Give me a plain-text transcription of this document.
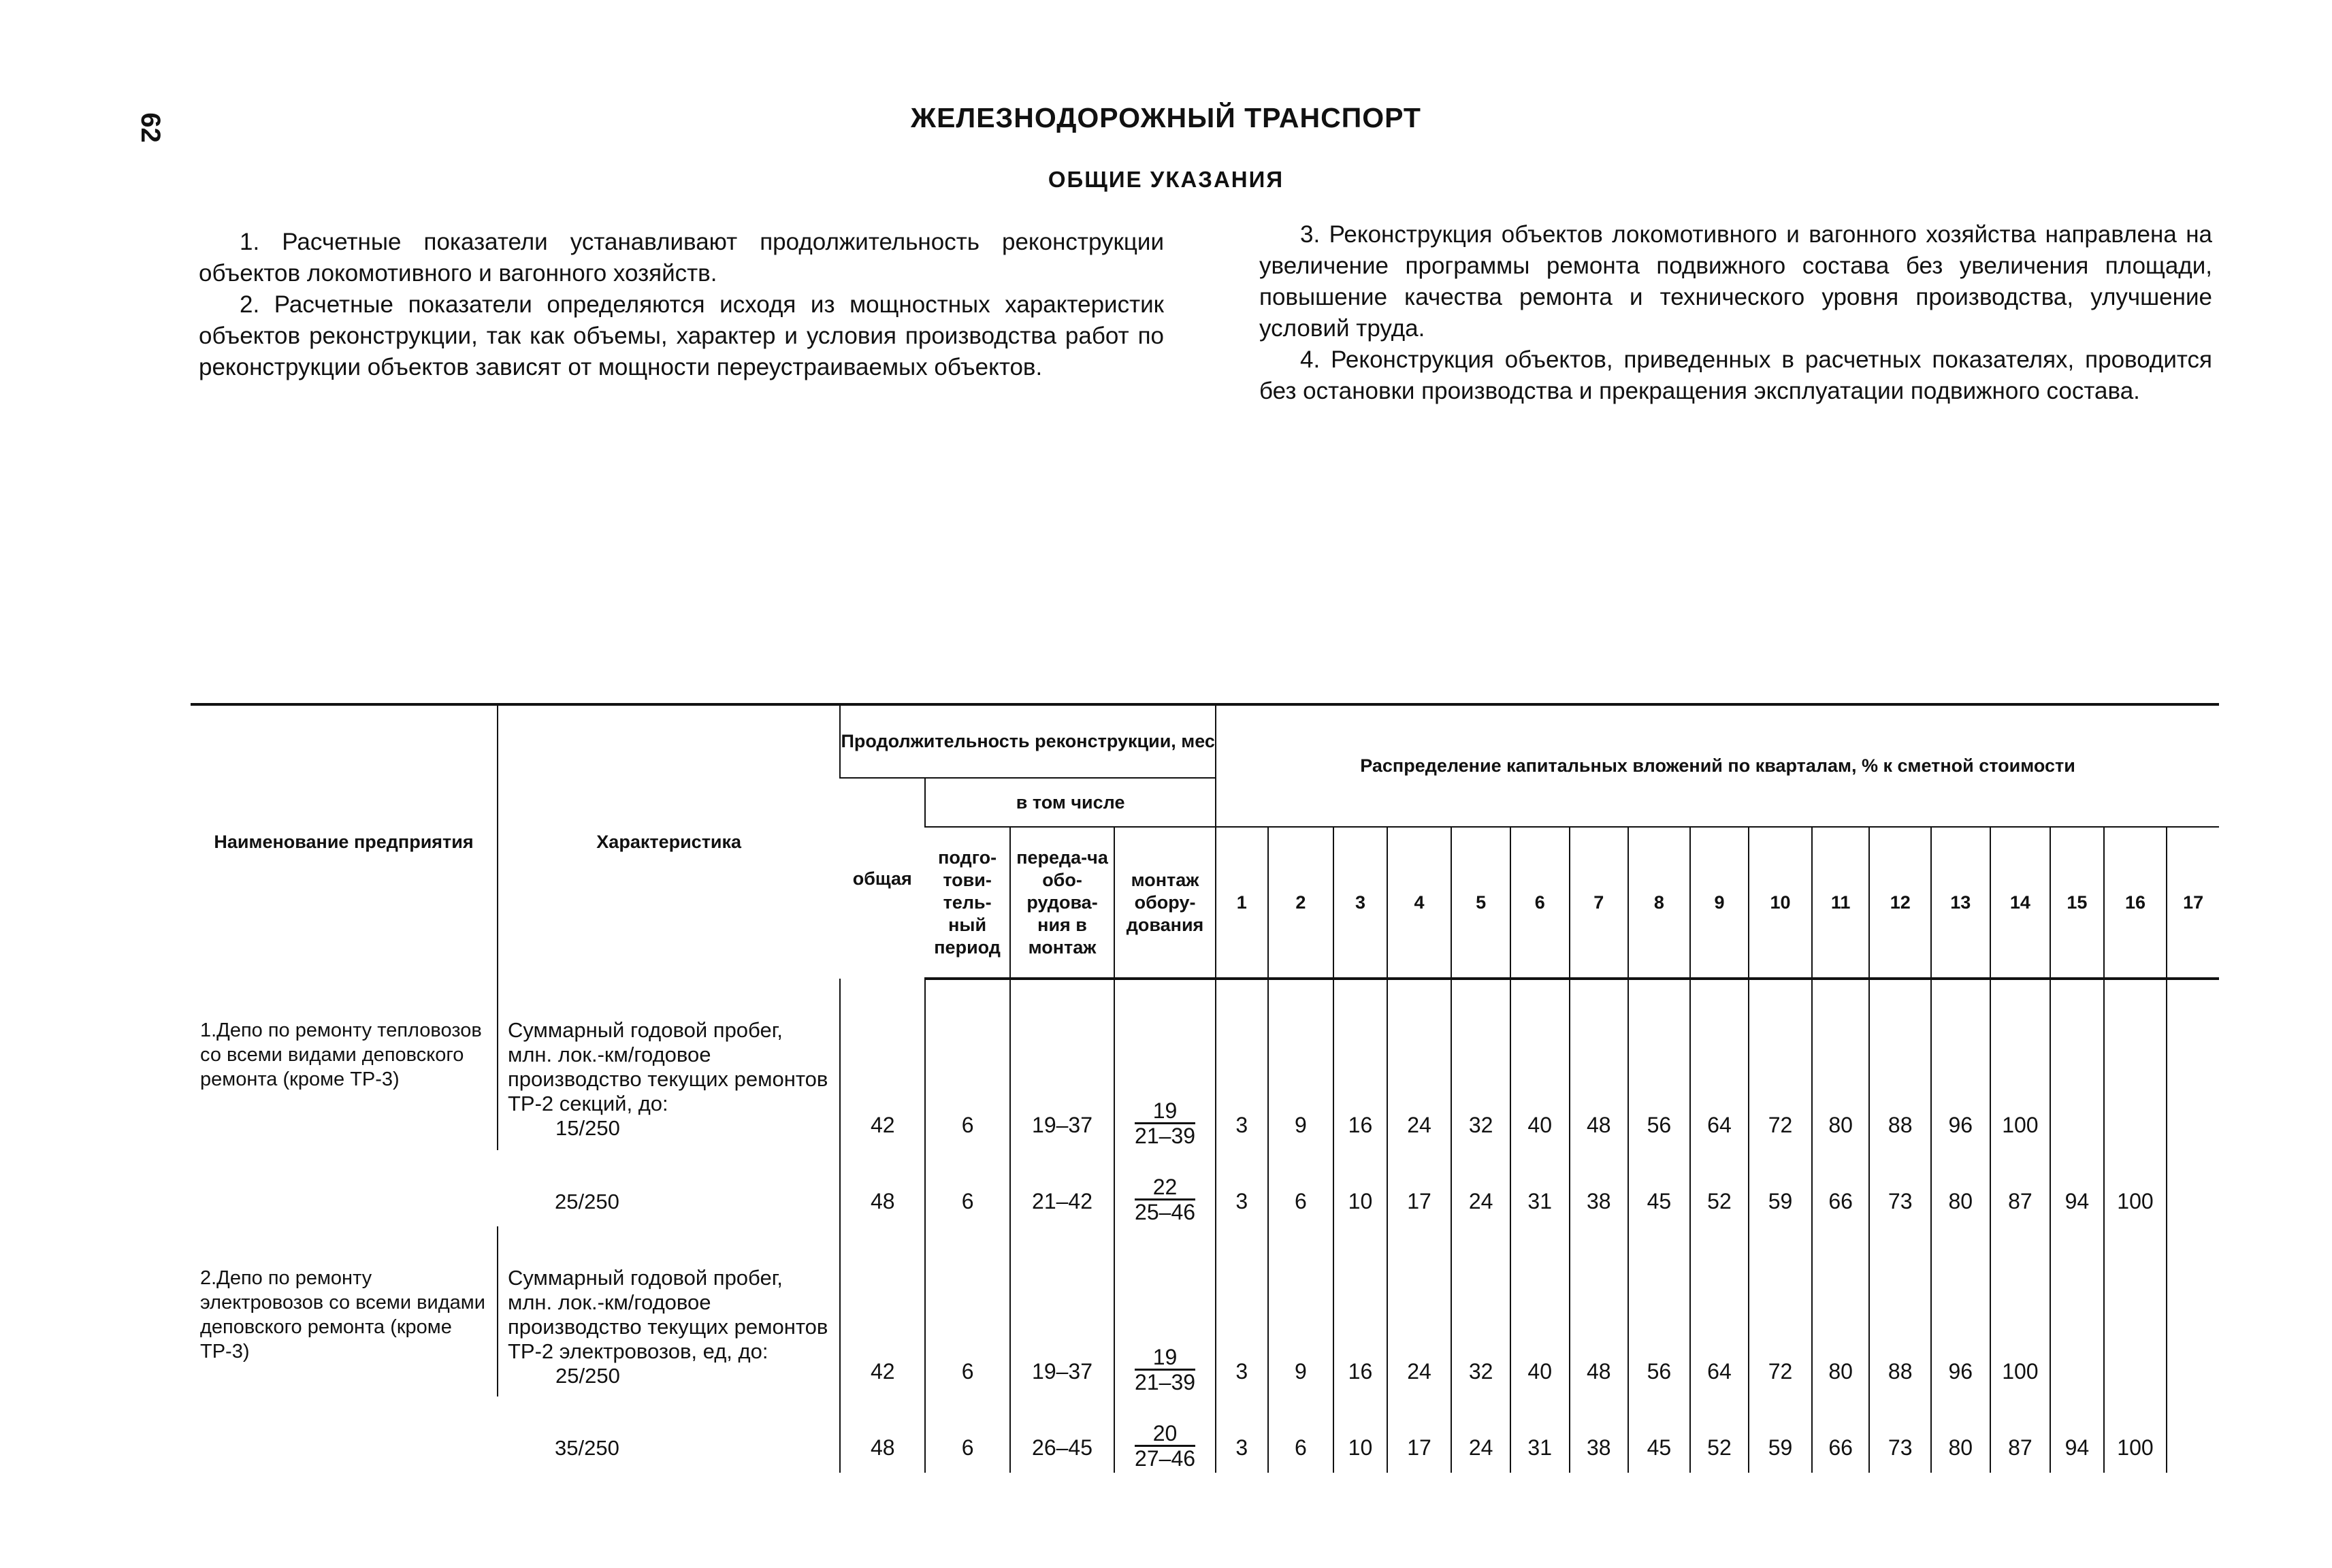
62	ЖЕЛЕЗНОДОРОЖНЫЙ ТРАНСПОРТ
ОБЩИЕ УКАЗАНИЯ

1. Расчетные показатели устанавливают продолжительность реконструкции объектов локомотивного и вагонного хозяйств.

2. Расчетные показатели определяются исходя из мощностных характеристик объектов реконструкции, так как объемы, характер и условия производства работ по реконструкции объектов зависят от мощности переустраиваемых объектов.

3. Реконструкция объектов локомотивного и вагонного хозяйства направлена на увеличение программы ремонта подвижного состава без увеличения площади, повышение качества ремонта и технического уровня производства, улучшение условий труда.

4. Реконструкция объектов, приведенных в расчетных показателях, проводится без остановки производства и прекращения эксплуатации подвижного состава.

Наименование предприятия	Характеристика	Продолжительность реконструкции, мес				Распределение капитальных вложений по кварталам, % к сметной стоимости																
		общая	в том числе																			
			подго-тови-тель-ный период	переда-ча обо-рудова-ния в монтаж	монтаж обору-дования	1	2	3	4	5	6	7	8	9	10	11	12	13	14	15	16	17
1.Депо по ремонту тепловозов со всеми видами деповского ремонта (кроме ТР-3)	Суммарный годовой пробег, млн. лок.-км/годовое производство текущих ремонтов ТР-2 секций, до:
15/250	42	6	19–37	$\frac{19}{21-39}$	3	9	16	24	32	40	48	56	64	72	80	88	96	100			

	25/250	48	6	21–42	$\frac{22}{25-46}$	3	6	10	17	24	31	38	45	52	59	66	73	80	87	94	100	
2.Депо по ремонту электровозов со всеми видами деповского ремонта (кроме ТР-3)	Суммарный годовой пробег, млн. лок.-км/годовое производство текущих ремонтов ТР-2 электровозов, ед, до:
25/250	42	6	19–37	$\frac{19}{21-39}$	3	9	16	24	32	40	48	56	64	72	80	88	96	100			

	35/250	48	6	26–45	$\frac{20}{27-46}$	3	6	10	17	24	31	38	45	52	59	66	73	80	87	94	100	
